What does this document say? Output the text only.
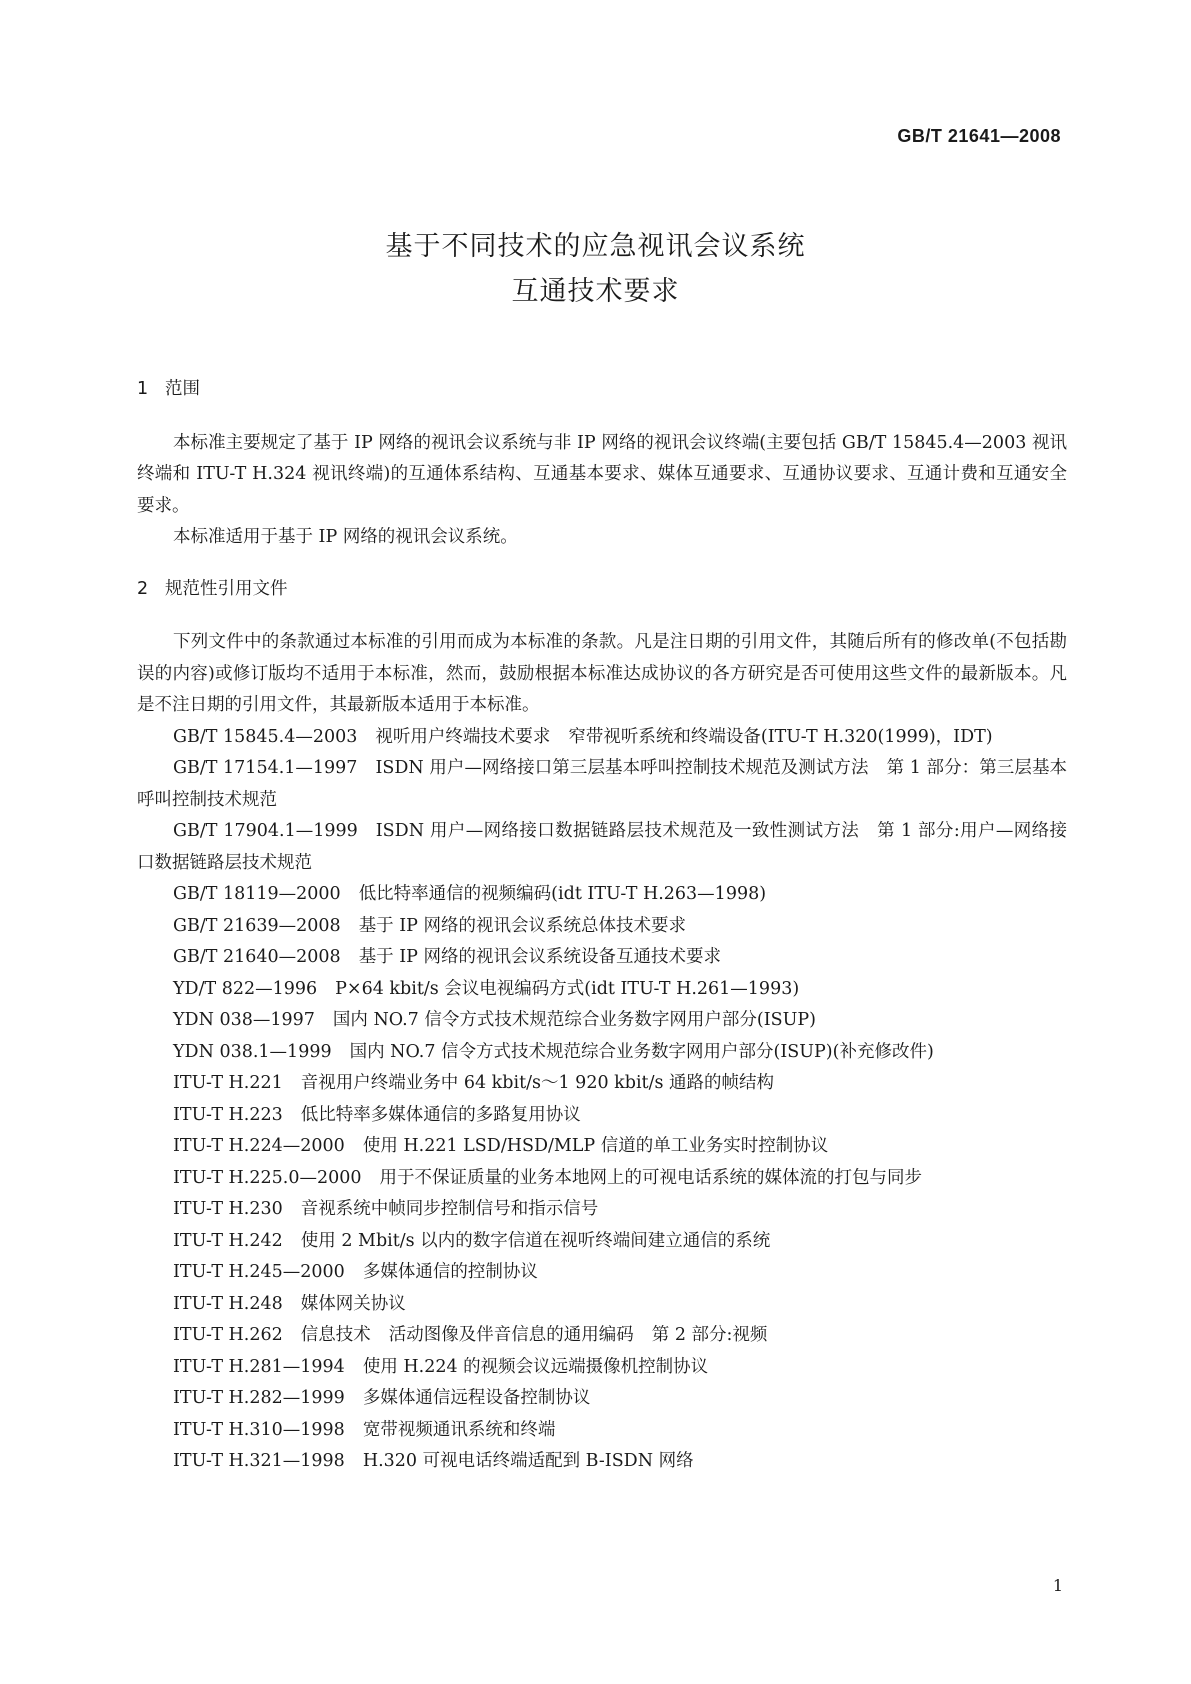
GB/T 21641—2008
基于不同技术的应急视讯会议系统
互通技术要求
1 范围

本标准主要规定了基于 IP 网络的视讯会议系统与非 IP 网络的视讯会议终端(主要包括 GB/T 15845.4—2003 视讯终端和 ITU-T H.324 视讯终端)的互通体系结构、互通基本要求、媒体互通要求、互通协议要求、互通计费和互通安全要求。

本标准适用于基于 IP 网络的视讯会议系统。

2 规范性引用文件

下列文件中的条款通过本标准的引用而成为本标准的条款。凡是注日期的引用文件，其随后所有的修改单(不包括勘误的内容)或修订版均不适用于本标准，然而，鼓励根据本标准达成协议的各方研究是否可使用这些文件的最新版本。凡是不注日期的引用文件，其最新版本适用于本标准。

GB/T 15845.4—2003 视听用户终端技术要求 窄带视听系统和终端设备(ITU-T H.320(1999)，IDT)

GB/T 17154.1—1997 ISDN 用户—网络接口第三层基本呼叫控制技术规范及测试方法 第 1 部分：第三层基本呼叫控制技术规范

GB/T 17904.1—1999 ISDN 用户—网络接口数据链路层技术规范及一致性测试方法 第 1 部分:用户—网络接口数据链路层技术规范

GB/T 18119—2000 低比特率通信的视频编码(idt ITU-T H.263—1998)

GB/T 21639—2008 基于 IP 网络的视讯会议系统总体技术要求

GB/T 21640—2008 基于 IP 网络的视讯会议系统设备互通技术要求

YD/T 822—1996 P×64 kbit/s 会议电视编码方式(idt ITU-T H.261—1993)

YDN 038—1997 国内 NO.7 信令方式技术规范综合业务数字网用户部分(ISUP)

YDN 038.1—1999 国内 NO.7 信令方式技术规范综合业务数字网用户部分(ISUP)(补充修改件)

ITU-T H.221 音视用户终端业务中 64 kbit/s～1 920 kbit/s 通路的帧结构

ITU-T H.223 低比特率多媒体通信的多路复用协议

ITU-T H.224—2000 使用 H.221 LSD/HSD/MLP 信道的单工业务实时控制协议

ITU-T H.225.0—2000 用于不保证质量的业务本地网上的可视电话系统的媒体流的打包与同步

ITU-T H.230 音视系统中帧同步控制信号和指示信号

ITU-T H.242 使用 2 Mbit/s 以内的数字信道在视听终端间建立通信的系统

ITU-T H.245—2000 多媒体通信的控制协议

ITU-T H.248 媒体网关协议

ITU-T H.262 信息技术 活动图像及伴音信息的通用编码 第 2 部分:视频

ITU-T H.281—1994 使用 H.224 的视频会议远端摄像机控制协议

ITU-T H.282—1999 多媒体通信远程设备控制协议

ITU-T H.310—1998 宽带视频通讯系统和终端

ITU-T H.321—1998 H.320 可视电话终端适配到 B-ISDN 网络

1
